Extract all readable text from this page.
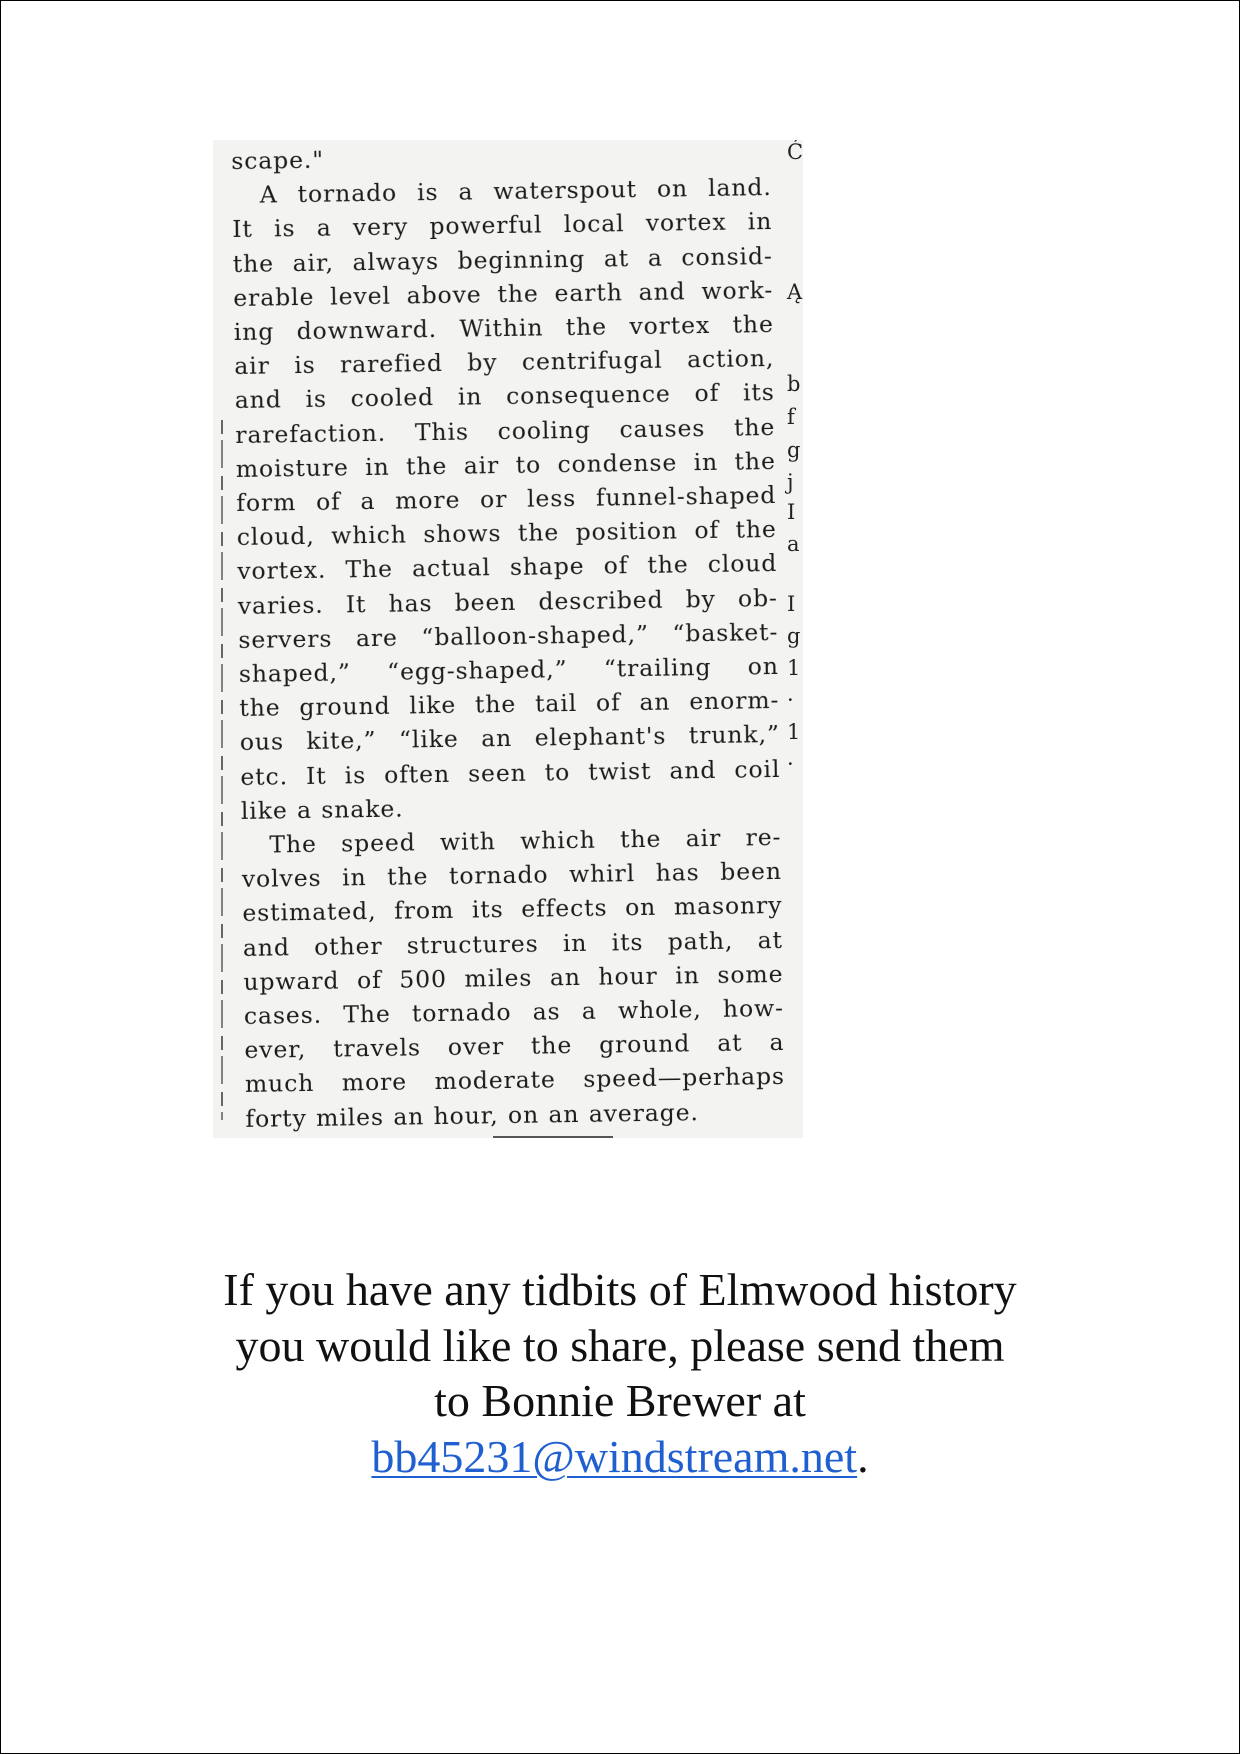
scape."
A tornado is a waterspout on land.
It is a very powerful local vortex in
the air, always beginning at a consid-
erable level above the earth and work-
ing downward. Within the vortex the
air is rarefied by centrifugal action,
and is cooled in consequence of its
rarefaction. This cooling causes the
moisture in the air to condense in the
form of a more or less funnel-shaped
cloud, which shows the position of the
vortex. The actual shape of the cloud
varies. It has been described by ob-
servers are “balloon-shaped,” “basket-
shaped,” “egg-shaped,” “trailing on
the ground like the tail of an enorm-
ous kite,” “like an elephant's trunk,”
etc. It is often seen to twist and coil
like a snake.
The speed with which the air re-
volves in the tornado whirl has been
estimated, from its effects on masonry
and other structures in its path, at
upward of 500 miles an hour in some
cases. The tornado as a whole, how-
ever, travels over the ground at a
much more moderate speed—perhaps
forty miles an hour, on an average.
Ć
Ą
b
f
g
j
I
a
I
g
1
·
1
·
If you have any tidbits of Elmwood history
you would like to share, please send them
to Bonnie Brewer at
bb45231@windstream.net.
